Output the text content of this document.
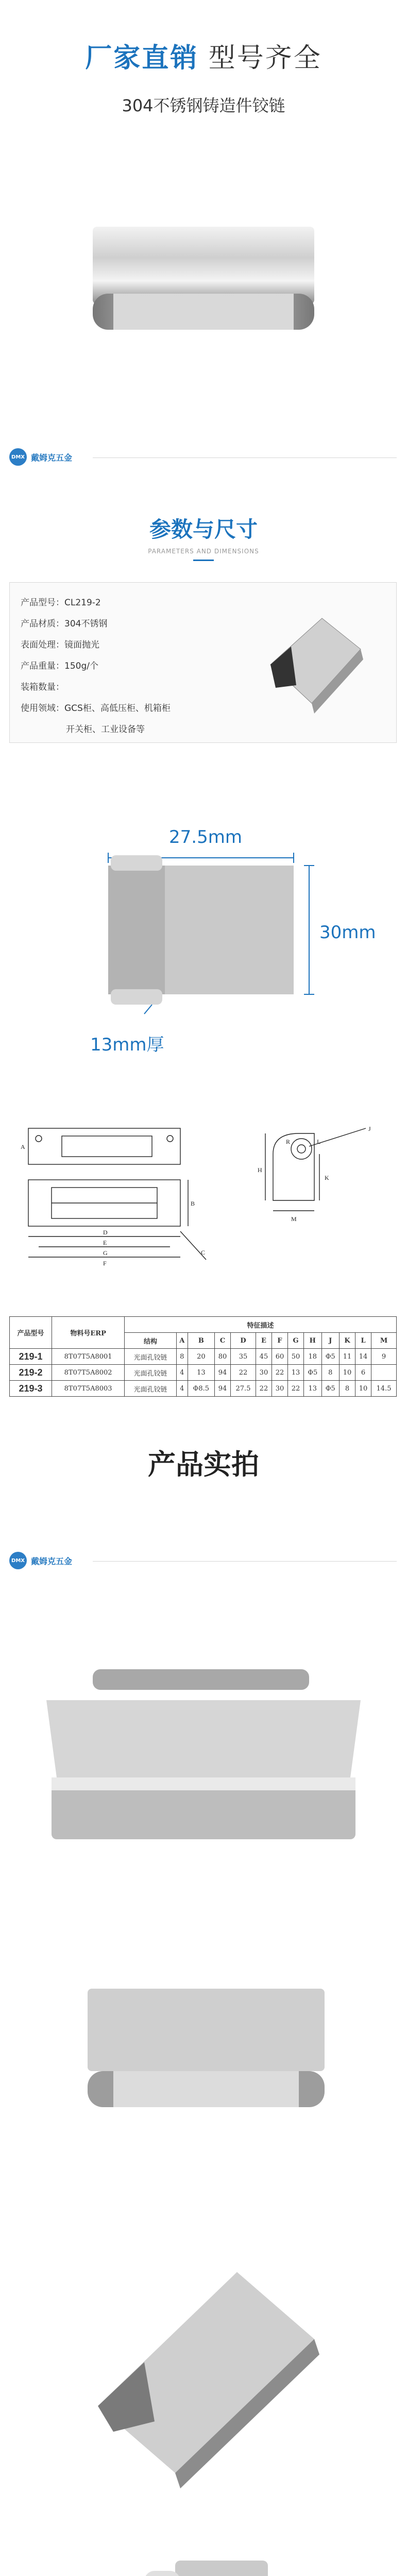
厂家直销 型号齐全
304不锈钢铸造件铰链
DMX 戴姆克五金
参数与尺寸
PARAMETERS AND DIMENSIONS
产品型号：CL219-2
产品材质：304不锈钢
表面处理：镜面抛光
产品重量：150g/个
装箱数量：
使用领域：GCS柜、高低压柜、机箱柜
开关柜、工业设备等
27.5mm
30mm
13mm厚
D
E
G
F
C
B
A
H
M
L
K
J
R
产品型号	物料号ERP	特征描述												
		结构	A	B	C	D	E	F	G	H	J	K	L	M
219-1	8T07T5A8001	光面孔铰链	8	20	80	35	45	60	50	18	Φ5	11	14	9
219-2	8T07T5A8002	光面孔铰链	4	13	94	22	30	22	13	Φ5	8	10	6	
219-3	8T07T5A8003	光面孔铰链	4	Φ8.5	94	27.5	22	30	22	13	Φ5	8	10	14.5
产品实拍
DMX 戴姆克五金
